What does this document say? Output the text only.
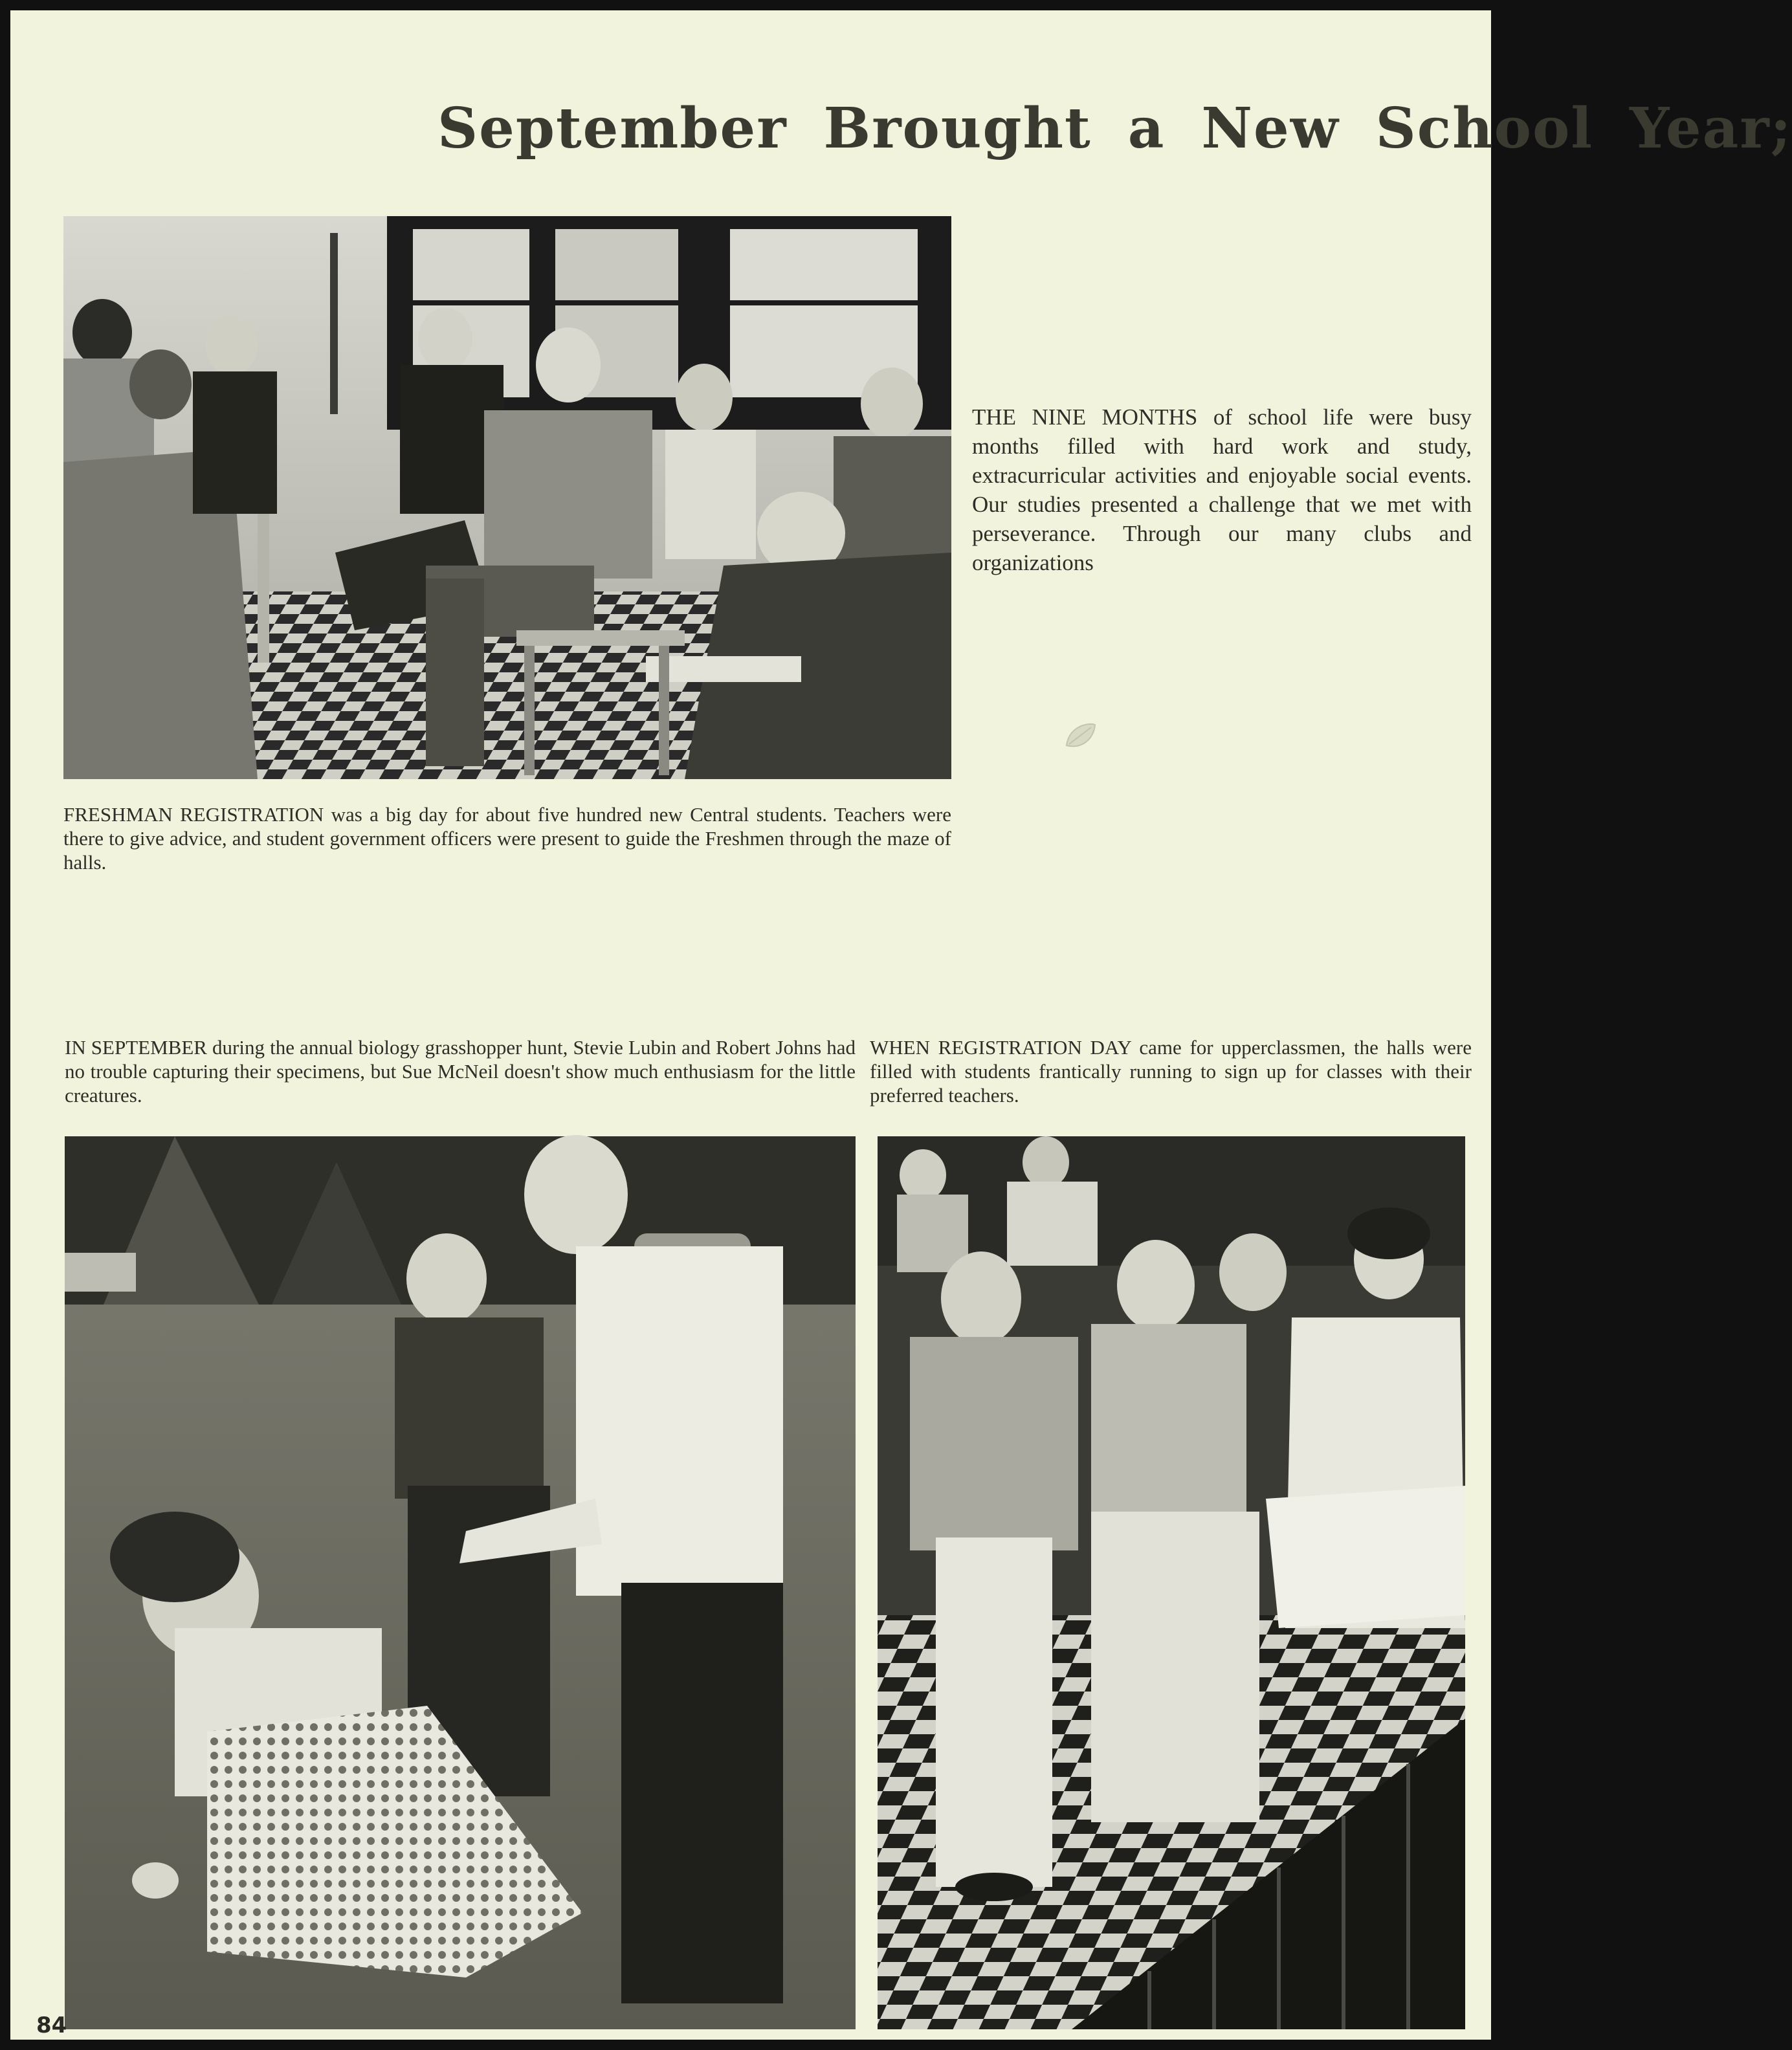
September Brought a New School Year;

THE NINE MONTHS of school life were busy months filled with hard work and study, extracurricular activities and enjoyable social events. Our studies presented a challenge that we met with perseverance. Through our many clubs and organizations

FRESHMAN REGISTRATION was a big day for about five hundred new Central students. Teachers were there to give advice, and student government officers were present to guide the Freshmen through the maze of halls.

IN SEPTEMBER during the annual biology grasshopper hunt, Stevie Lubin and Robert Johns had no trouble capturing their specimens, but Sue McNeil doesn't show much enthusiasm for the little creatures.

WHEN REGISTRATION DAY came for upperclassmen, the halls were filled with students frantically running to sign up for classes with their preferred teachers.

84
